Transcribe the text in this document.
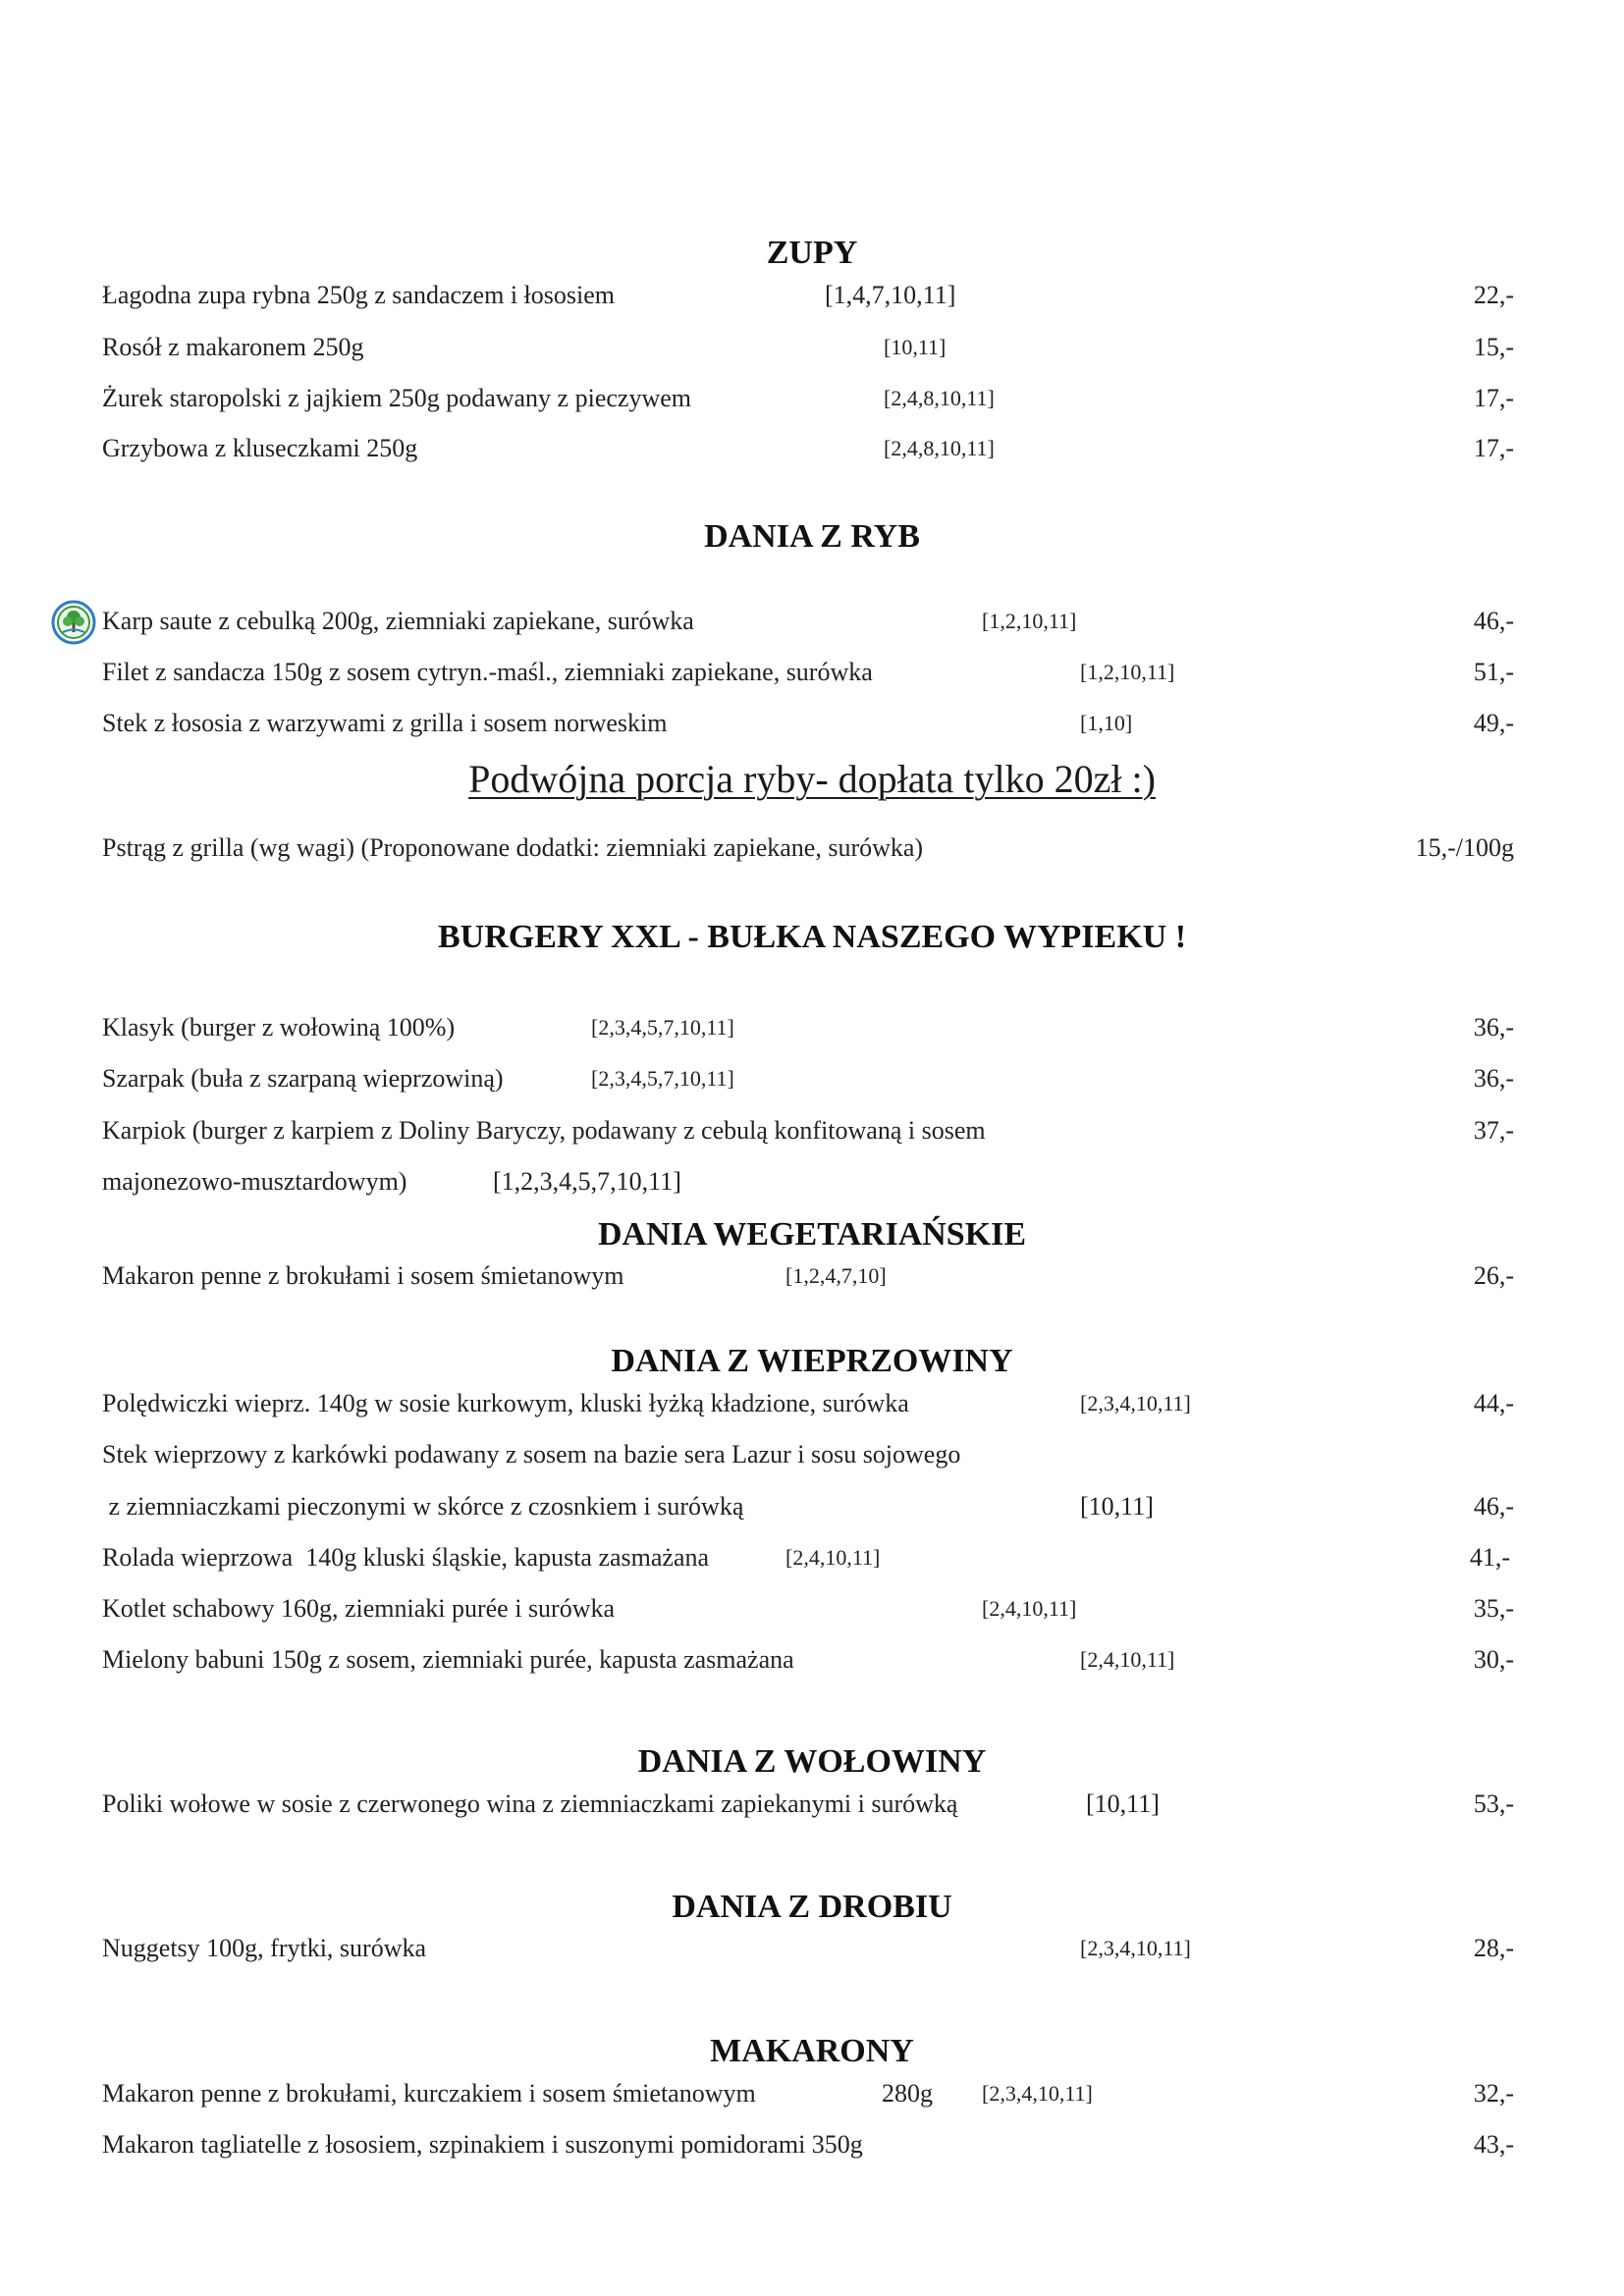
ZUPY
Łagodna zupa rybna 250g z sandaczem i łososiem	[1,4,7,10,11]	22,-
Rosół z makaronem 250g	[10,11]	15,-
Żurek staropolski z jajkiem 250g podawany z pieczywem	[2,4,8,10,11]	17,-
Grzybowa z kluseczkami 250g	[2,4,8,10,11]	17,-
DANIA Z RYB
Karp saute z cebulką 200g, ziemniaki zapiekane, surówka	[1,2,10,11]	46,-
Filet z sandacza 150g z sosem cytryn.-maśl., ziemniaki zapiekane, surówka	[1,2,10,11]	51,-
Stek z łososia z warzywami z grilla i sosem norweskim	[1,10]	49,-
Podwójna porcja ryby- dopłata tylko 20zł :)
Pstrąg z grilla (wg wagi) (Proponowane dodatki: ziemniaki zapiekane, surówka)	15,-/100g
BURGERY XXL - BUŁKA NASZEGO WYPIEKU !
Klasyk (burger z wołowiną 100%)	[2,3,4,5,7,10,11]	36,-
Szarpak (buła z szarpaną wieprzowiną)	[2,3,4,5,7,10,11]	36,-
Karpiok (burger z karpiem z Doliny Baryczy, podawany z cebulą konfitowaną i sosem	37,-
majonezowo-musztardowym)	[1,2,3,4,5,7,10,11]
DANIA WEGETARIAŃSKIE
Makaron penne z brokułami i sosem śmietanowym	[1,2,4,7,10]	26,-
DANIA Z WIEPRZOWINY
Polędwiczki wieprz. 140g w sosie kurkowym, kluski łyżką kładzione, surówka	[2,3,4,10,11]	44,-
Stek wieprzowy z karkówki podawany z sosem na bazie sera Lazur i sosu sojowego
z ziemniaczkami pieczonymi w skórce z czosnkiem i surówką	[10,11]	46,-
Rolada wieprzowa  140g kluski śląskie, kapusta zasmażana	[2,4,10,11]	41,-
Kotlet schabowy 160g, ziemniaki purée i surówka	[2,4,10,11]	35,-
Mielony babuni 150g z sosem, ziemniaki purée, kapusta zasmażana	[2,4,10,11]	30,-
DANIA Z WOŁOWINY
Poliki wołowe w sosie z czerwonego wina z ziemniaczkami zapiekanymi i surówką	[10,11]	53,-
DANIA Z DROBIU
Nuggetsy 100g, frytki, surówka	[2,3,4,10,11]	28,-
MAKARONY
Makaron penne z brokułami, kurczakiem i sosem śmietanowym	280g [2,3,4,10,11]	32,-
Makaron tagliatelle z łososiem, szpinakiem i suszonymi pomidorami 350g	43,-
